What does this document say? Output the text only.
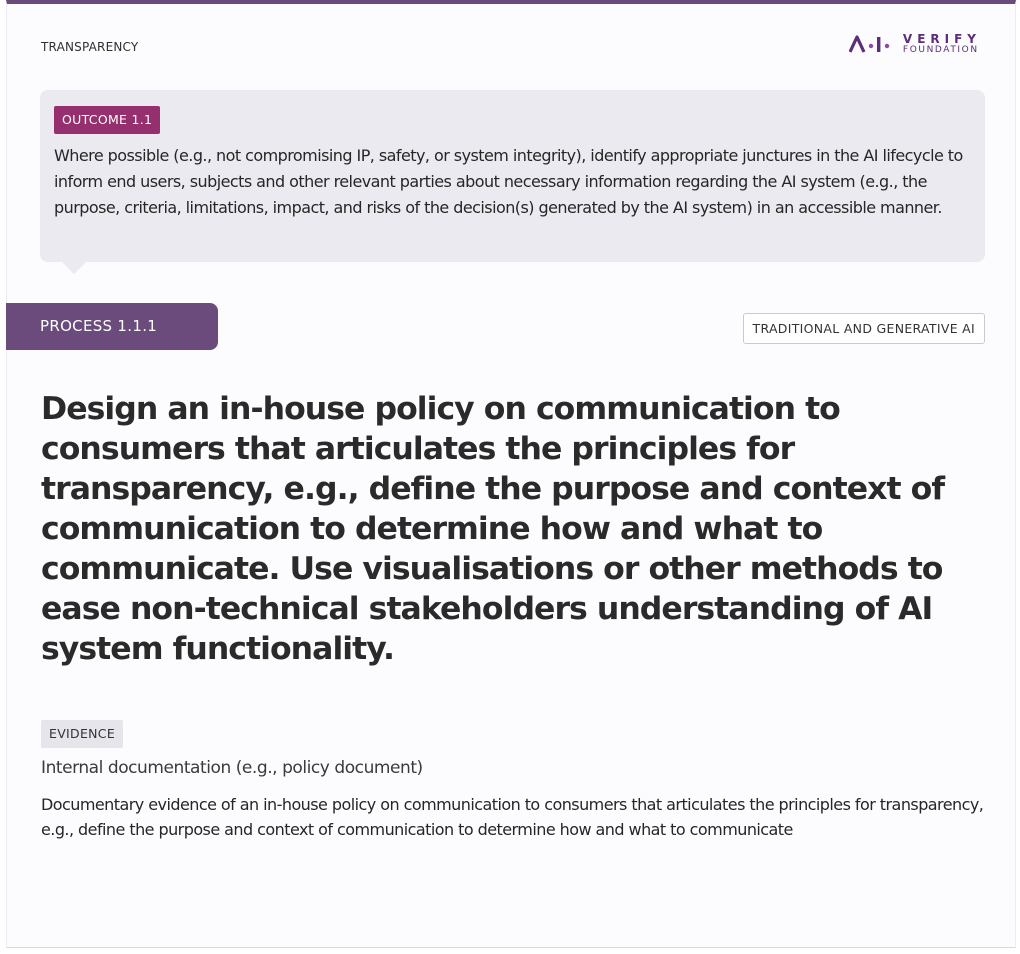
TRANSPARENCY
VERIFY
FOUNDATION
OUTCOME 1.1
Where possible (e.g., not compromising IP, safety, or system integrity), identify appropriate junctures in the AI lifecycle to inform end users, subjects and other relevant parties about necessary information regarding the AI system (e.g., the purpose, criteria, limitations, impact, and risks of the decision(s) generated by the AI system) in an accessible manner.
PROCESS 1.1.1	TRADITIONAL AND GENERATIVE AI
Design an in-house policy on communication to consumers that articulates the principles for transparency, e.g., define the purpose and context of communication to determine how and what to communicate. Use visualisations or other methods to ease non-technical stakeholders understanding of AI system functionality.
EVIDENCE
Internal documentation (e.g., policy document)
Documentary evidence of an in-house policy on communication to consumers that articulates the principles for transparency, e.g., define the purpose and context of communication to determine how and what to communicate
